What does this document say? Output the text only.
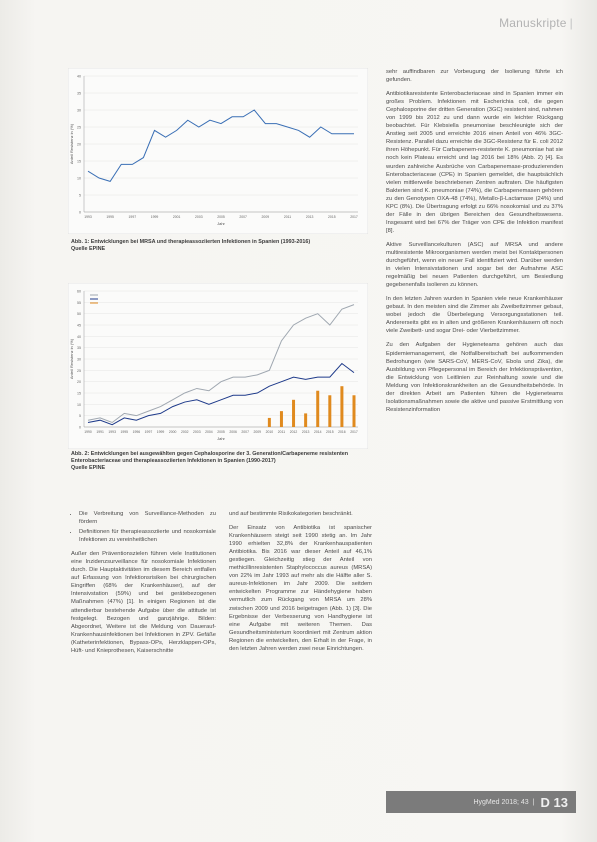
Manuskripte |
0
5
10
15
20
25
30
35
40
1993	1995	1997	1999	2001	2003	2005	2007	2009	2011	2013	2015	2017
Jahr
Anteil Resistenz in (%)
Abb. 1: Entwicklungen bei MRSA und therapieassoziierten Infektionen in Spanien (1993-2016)
Quelle EPINE
0
5
10
15
20
25
30
35
40
45
50
55
60
1990 1991 1993 1995 1996 1997 1999 2000 2002 2003 2004 2005 2006 2007 2009 2010 2011 2012 2013 2014 2015 2016 2017
Jahr
Anteil Resistenz in (%)
Abb. 2: Entwicklungen bei ausgewählten gegen Cephalosporine der 3. Generation/Carbapeneme resistenten Enterobacteriaceae und therapieassoziierten Infektionen in Spanien (1990-2017)
Quelle EPINE
• Die Verbreitung von Surveillance-Methoden zu fördern
• Definitionen für therapieassoziierte und nosokomiale Infektionen zu vereinheitlichen

Außer den Präventionszielen führen viele Institutionen eine Inzidenzsurveillance für nosokomiale Infektionen durch. Die Hauptaktivitäten im diesem Bereich entfallen auf Erfassung von Infektionsrisiken bei chirurgischen Eingriffen (68% der Krankenhäuser), auf der Intensivstation (59%) und bei gerätebezogenen Maßnahmen (47%) [1]. In einigen Regionen ist die attendierbar bestehende Aufgabe über die attitude ist festgelegt. Bezogen und ganzjährige. Bilden: Abgeordnet, Weitere ist die Meldung von Dauerauf-Krankenhausinfektionen bei Infektionen in ZPV. Gefäße (Katheterinfektionen, Bypass-OPs, Herzklappen-OPs, Hüft- und Knieprothesen, Kaiserschnitte

und auf bestimmte Risikokategorien beschränkt.

Der Einsatz von Antibiotika ist spanischer Krankenhäusern steigt seit 1990 stetig an. Im Jahr 1990 erhielten 32,8% der Krankenhauspatienten Antibiotika. Bis 2016 war dieser Anteil auf 46,1% gestiegen. Gleichzeitig stieg der Anteil von methicillinresistenten Staphylococcus aureus (MRSA) von 22% im Jahr 1993 auf mehr als die Hälfte aller S. aureus-Infektionen im Jahr 2009. Die seitdem entwickelten Programme zur Händehygiene haben vermutlich zum Rückgang von MRSA um 28% zwischen 2009 und 2016 beigetragen (Abb. 1) [3]. Die Ergebnisse der Verbesserung von Handhygiene ist eine Aufgabe mit weiteren Themen. Das Gesundheitsministerium koordiniert mit Zentrum aktion Regionen die entwickelten, den Erhalt in der Frage, in den letzten Jahren werden zwei neue Einrichtungen.

sehr auffindbaren zur Vorbeugung der Isolierung führte ich gefunden.

Antibiotikaresistente Enterobacteriaceae sind in Spanien immer ein großes Problem. Infektionen mit Escherichia coli, die gegen Cephalosporine der dritten Generation (3GC) resistent sind, nahmen von 1999 bis 2012 zu und dann wurde ein leichter Rückgang beobachtet. Für Klebsiella pneumoniae beschleunigte sich der Anstieg seit 2005 und erreichte 2016 einen Anteil von 46% 3GC-Resistenz. Parallel dazu erreichte die 3GC-Resistenz für E. coli 2012 ihren Höhepunkt. Für Carbapenem-resistente K. pneumoniae hat sie noch kein Plateau erreicht und lag 2016 bei 18% (Abb. 2) [4]. Es wurden zahlreiche Ausbrüche von Carbapenemase-produzierenden Enterobacteriaceae (CPE) in Spanien gemeldet, die hauptsächlich vielen mittlerweile beschriebenen Zentren auftraten. Die häufigsten Bakterien sind K. pneumoniae (74%), die Carbapenemasen gehören zu den Genotypen OXA-48 (74%), Metallo-β-Lactamase (24%) und KPC (8%). Die Übertragung erfolgt zu 66% nosokomial und zu 37% der Fälle in den übrigen Bereichen des Gesundheitswesens. Insgesamt wird bei 67% der Träger von CPE die Infektion manifest [8].

Aktive Surveillancekulturen (ASC) auf MRSA und andere multiresistente Mikroorganismen werden meist bei Kontaktpersonen durchgeführt, wenn ein neuer Fall identifiziert wird. Darüber werden in vielen Intensivstationen und sogar bei der Aufnahme ASC regelmäßig bei neuen Patienten durchgeführt, um Besiedlung gegebenenfalls isolieren zu können.

In den letzten Jahren wurden in Spanien viele neue Krankenhäuser gebaut. In den meisten sind die Zimmer als Zweibettzimmer gebaut, wobei jedoch die Überbelegung Versorgungsstationen teil. Andererseits gibt es in alten und größeren Krankenhäusern oft noch viele Zweibett- und sogar Drei- oder Vierbettzimmer.

Zu den Aufgaben der Hygieneteams gehören auch das Epidemiemanagement, die Notfallbereitschaft bei aufkommenden Bedrohungen (wie SARS-CoV, MERS-CoV, Ebola und Zika), die Ausbildung von Pflegepersonal im Bereich der Infektionsprävention, die Entwicklung von Leitlinien zur Reinhaltung sowie und die Meldung von Infektionskrankheiten an die Gesundheitsbehörde. In der direkten Arbeit am Patienten führen die Hygieneteams Isolationsmaßnahmen sowie die aktive und passive Erstmittlung von Resistenzinformation

HygMed 2018; 43 | D 13
